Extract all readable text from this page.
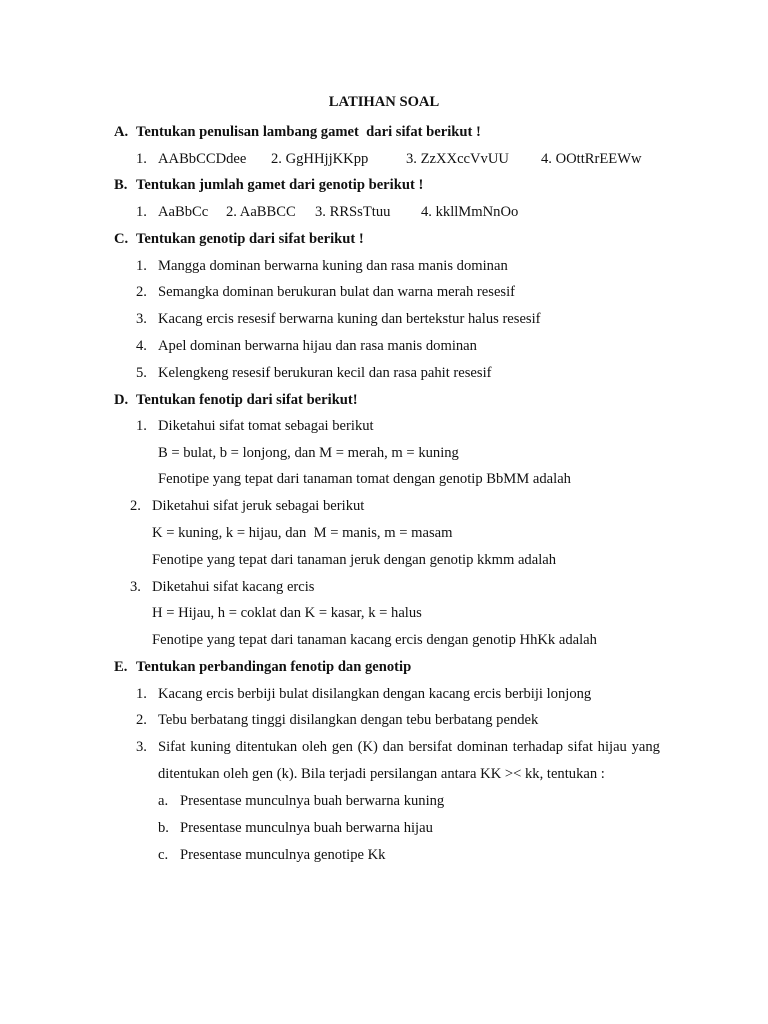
LATIHAN SOAL
A. Tentukan penulisan lambang gamet  dari sifat berikut !
1. AABbCCDdee 2. GgHHjjKKpp	3. ZzXXccVvUU 4. OOttRrEEWw
B. Tentukan jumlah gamet dari genotip berikut !
1. AaBbCc 2. AaBBCC 3. RRSsTtuu 4. kkllMmNnOo
C. Tentukan genotip dari sifat berikut !
1. Mangga dominan berwarna kuning dan rasa manis dominan
2. Semangka dominan berukuran bulat dan warna merah resesif
3. Kacang ercis resesif berwarna kuning dan bertekstur halus resesif
4. Apel dominan berwarna hijau dan rasa manis dominan
5. Kelengkeng resesif berukuran kecil dan rasa pahit resesif
D. Tentukan fenotip dari sifat berikut!
1. Diketahui sifat tomat sebagai berikut
B = bulat, b = lonjong, dan M = merah, m = kuning
Fenotipe yang tepat dari tanaman tomat dengan genotip BbMM adalah
2. Diketahui sifat jeruk sebagai berikut
K = kuning, k = hijau, dan  M = manis, m = masam
Fenotipe yang tepat dari tanaman jeruk dengan genotip kkmm adalah
3. Diketahui sifat kacang ercis
H = Hijau, h = coklat dan K = kasar, k = halus
Fenotipe yang tepat dari tanaman kacang ercis dengan genotip HhKk adalah
E. Tentukan perbandingan fenotip dan genotip
1. Kacang ercis berbiji bulat disilangkan dengan kacang ercis berbiji lonjong
2. Tebu berbatang tinggi disilangkan dengan tebu berbatang pendek
3. Sifat kuning ditentukan oleh gen (K) dan bersifat dominan terhadap sifat hijau yang
ditentukan oleh gen (k). Bila terjadi persilangan antara KK >< kk, tentukan :
a. Presentase munculnya buah berwarna kuning
b. Presentase munculnya buah berwarna hijau
c. Presentase munculnya genotipe Kk
